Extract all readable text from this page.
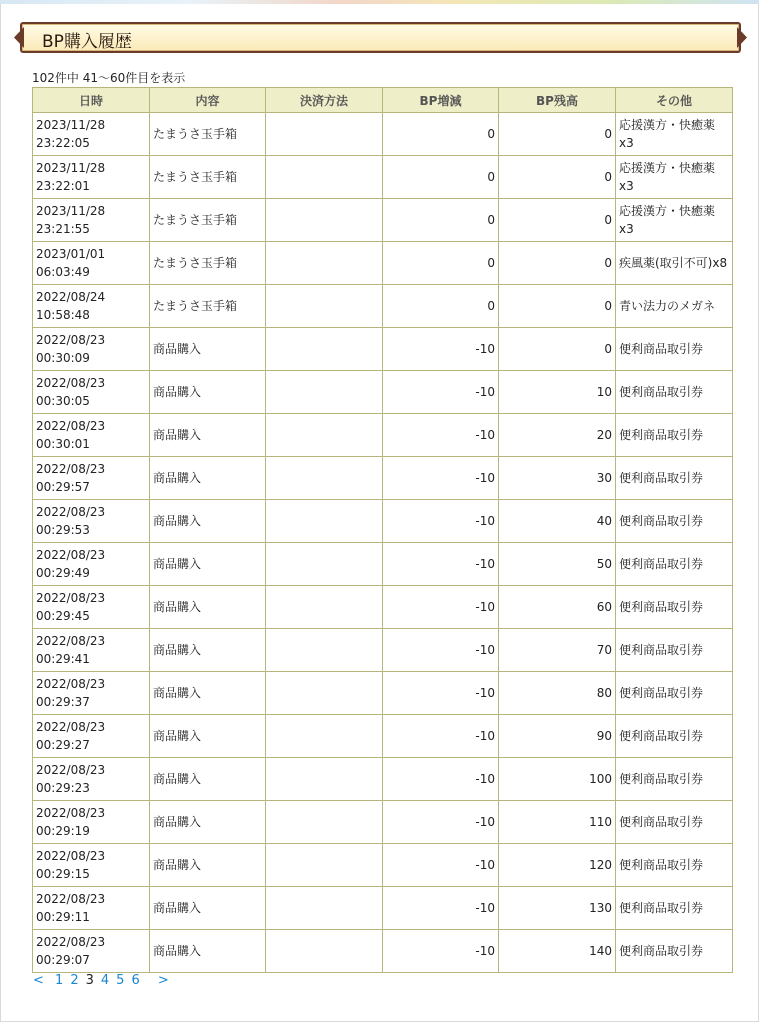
BP購入履歴
102件中 41〜60件目を表示
日時	内容	決済方法	BP増減	BP残高	その他
2023/11/28
23:22:05	たまうさ玉手箱		0	0	応援漢方・快癒薬x3
2023/11/28
23:22:01	たまうさ玉手箱		0	0	応援漢方・快癒薬x3
2023/11/28
23:21:55	たまうさ玉手箱		0	0	応援漢方・快癒薬x3
2023/01/01
06:03:49	たまうさ玉手箱		0	0	疾風薬(取引不可)x8
2022/08/24
10:58:48	たまうさ玉手箱		0	0	青い法力のメガネ
2022/08/23
00:30:09	商品購入		-10	0	便利商品取引券
2022/08/23
00:30:05	商品購入		-10	10	便利商品取引券
2022/08/23
00:30:01	商品購入		-10	20	便利商品取引券
2022/08/23
00:29:57	商品購入		-10	30	便利商品取引券
2022/08/23
00:29:53	商品購入		-10	40	便利商品取引券
2022/08/23
00:29:49	商品購入		-10	50	便利商品取引券
2022/08/23
00:29:45	商品購入		-10	60	便利商品取引券
2022/08/23
00:29:41	商品購入		-10	70	便利商品取引券
2022/08/23
00:29:37	商品購入		-10	80	便利商品取引券
2022/08/23
00:29:27	商品購入		-10	90	便利商品取引券
2022/08/23
00:29:23	商品購入		-10	100	便利商品取引券
2022/08/23
00:29:19	商品購入		-10	110	便利商品取引券
2022/08/23
00:29:15	商品購入		-10	120	便利商品取引券
2022/08/23
00:29:11	商品購入		-10	130	便利商品取引券
2022/08/23
00:29:07	商品購入		-10	140	便利商品取引券
< 1 2 3 4 5 6 >
